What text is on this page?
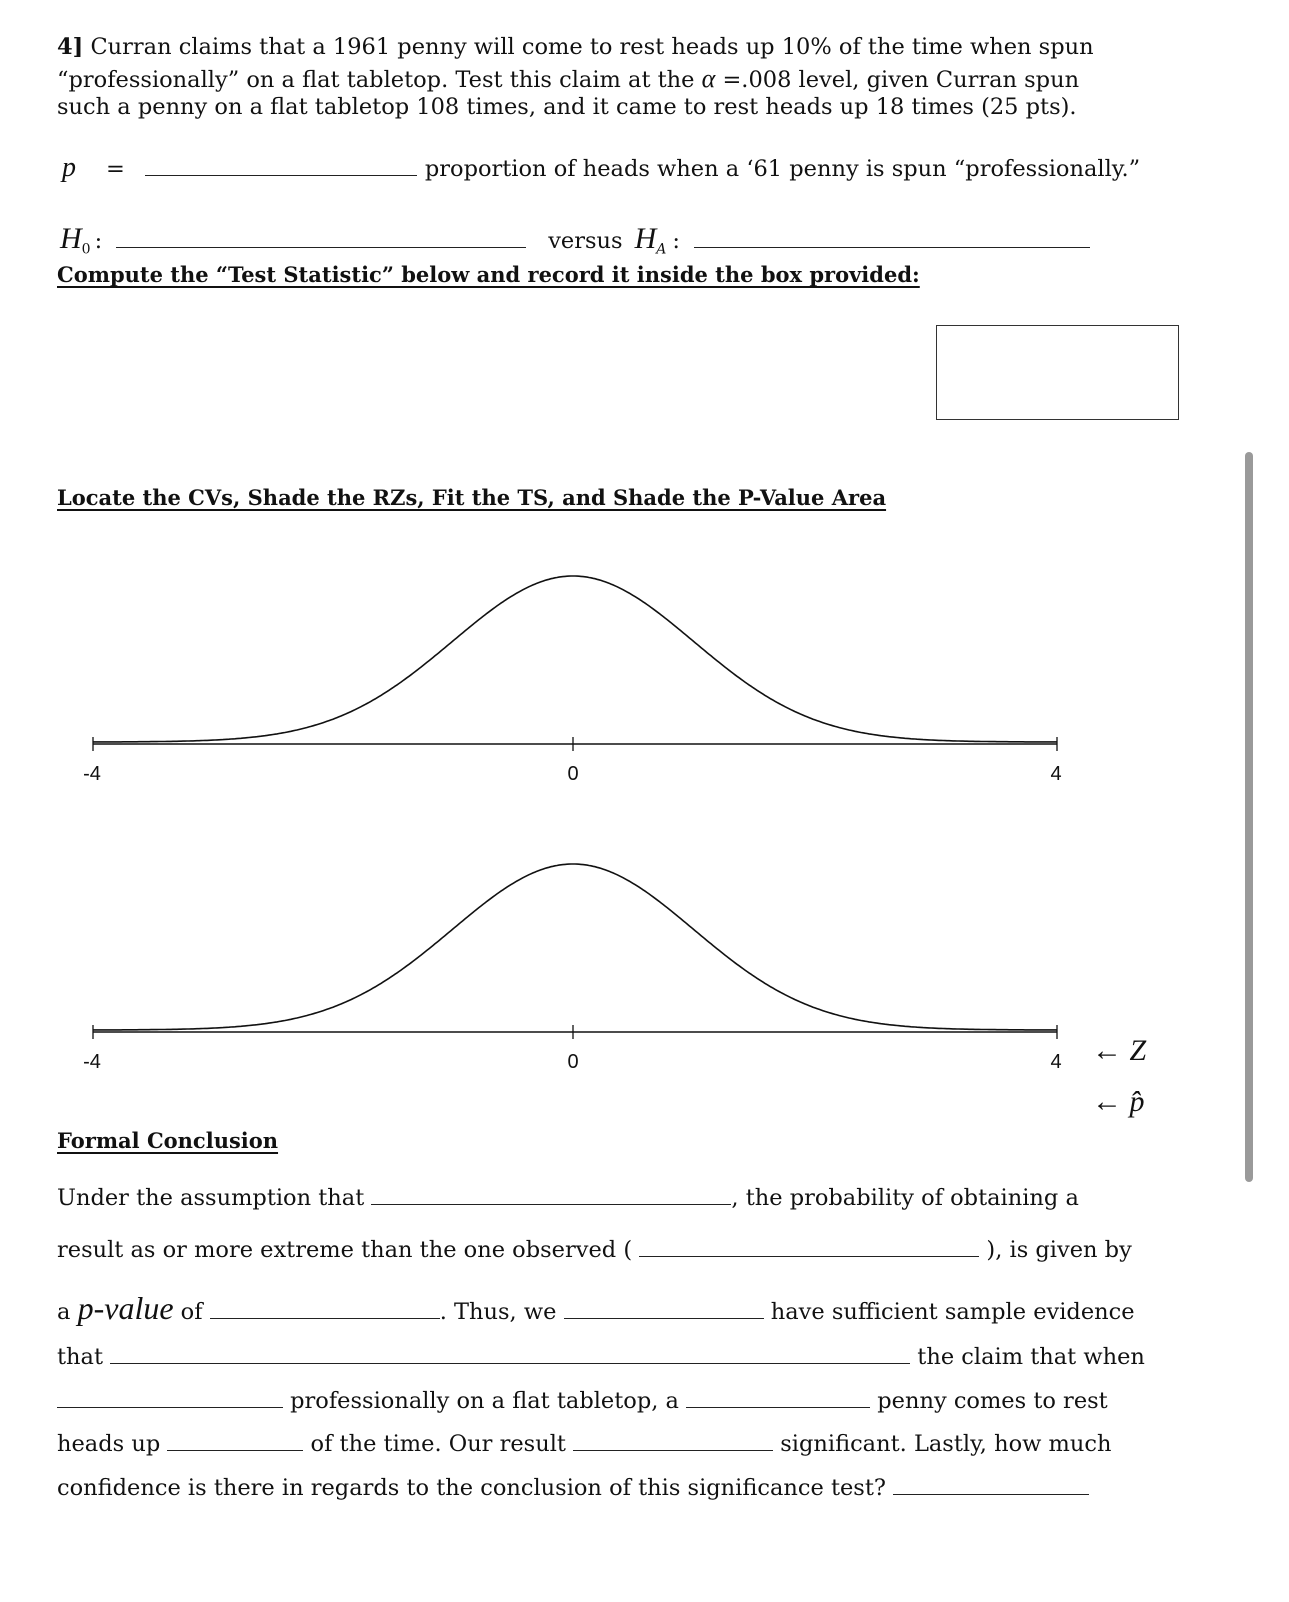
4] Curran claims that a 1961 penny will come to rest heads up 10% of the time when spun
“professionally” on a flat tabletop. Test this claim at the α =.008 level, given Curran spun
such a penny on a flat tabletop 108 times, and it came to rest heads up 18 times (25 pts).
p =	proportion of heads when a ‘61 penny is spun “professionally.”
$H_0$ :	versus $H_A$ :
Compute the “Test Statistic” below and record it inside the box provided:
Locate the CVs, Shade the RZs, Fit the TS, and Shade the P-Value Area
-4	0	4
-4	0	4 ← Z
← p̂
Formal Conclusion
Under the assumption that	, the probability of obtaining a
result as or more extreme than the one observed (	), is given by
a p-value of	. Thus, we	have sufficient sample evidence
that	the claim that when
professionally on a flat tabletop, a	penny comes to rest
heads up	of the time. Our result	significant. Lastly, how much
confidence is there in regards to the conclusion of this significance test?
